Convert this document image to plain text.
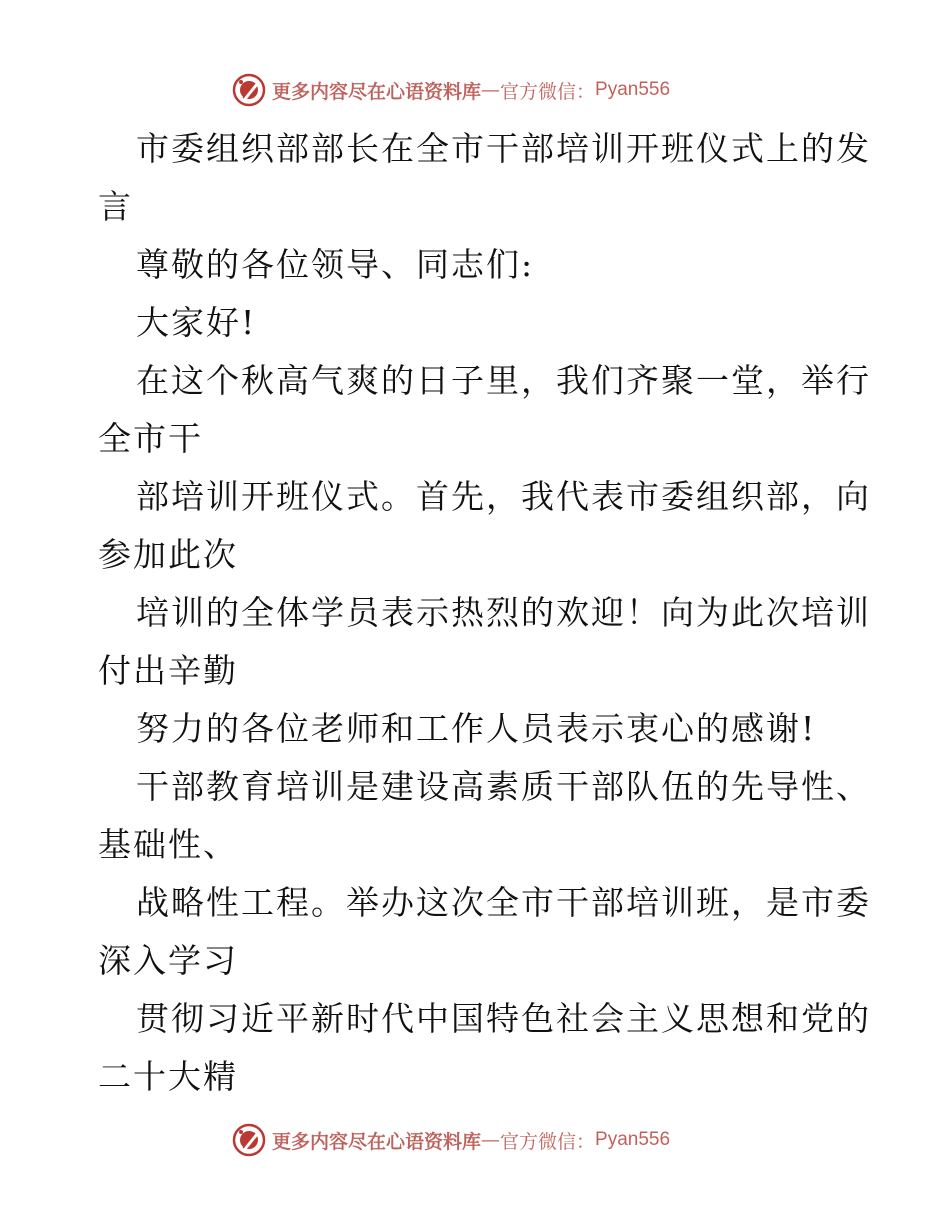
更多内容尽在心语资料库 — 官方微信： Pyan556
市委组织部部长在全市干部培训开班仪式上的发
言
尊敬的各位领导、同志们:
大家好!
在这个秋高气爽的日子里，我们齐聚一堂，举行
全市干
部培训开班仪式。首先，我代表市委组织部，向
参加此次
培训的全体学员表示热烈的欢迎！向为此次培训
付出辛勤
努力的各位老师和工作人员表示衷心的感谢!
干部教育培训是建设高素质干部队伍的先导性、
基础性、
战略性工程。举办这次全市干部培训班，是市委
深入学习
贯彻习近平新时代中国特色社会主义思想和党的
二十大精
更多内容尽在心语资料库 — 官方微信： Pyan556
